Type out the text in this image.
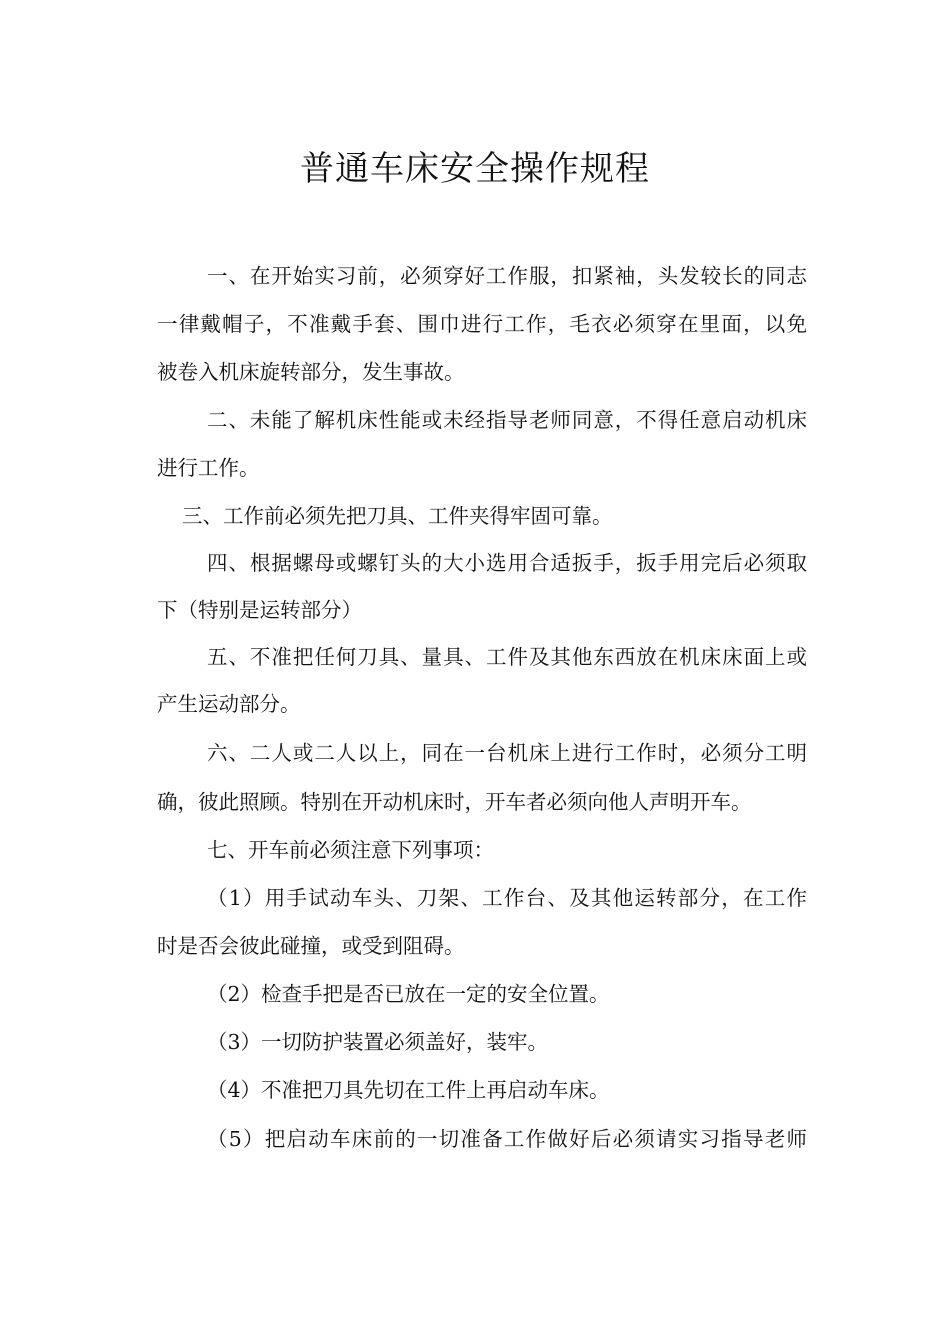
普通车床安全操作规程

一、在开始实习前，必须穿好工作服，扣紧袖，头发较长的同志

一律戴帽子，不准戴手套、围巾进行工作，毛衣必须穿在里面，以免

被卷入机床旋转部分，发生事故。

二、未能了解机床性能或未经指导老师同意，不得任意启动机床

进行工作。

三、工作前必须先把刀具、工件夹得牢固可靠。

四、根据螺母或螺钉头的大小选用合适扳手，扳手用完后必须取

下（特别是运转部分）

五、不准把任何刀具、量具、工件及其他东西放在机床床面上或

产生运动部分。

六、二人或二人以上，同在一台机床上进行工作时，必须分工明

确，彼此照顾。特别在开动机床时，开车者必须向他人声明开车。

七、开车前必须注意下列事项：

（1）用手试动车头、刀架、工作台、及其他运转部分，在工作

时是否会彼此碰撞，或受到阻碍。

（2）检查手把是否已放在一定的安全位置。

（3）一切防护装置必须盖好，装牢。

（4）不准把刀具先切在工件上再启动车床。

（5）把启动车床前的一切准备工作做好后必须请实习指导老师
